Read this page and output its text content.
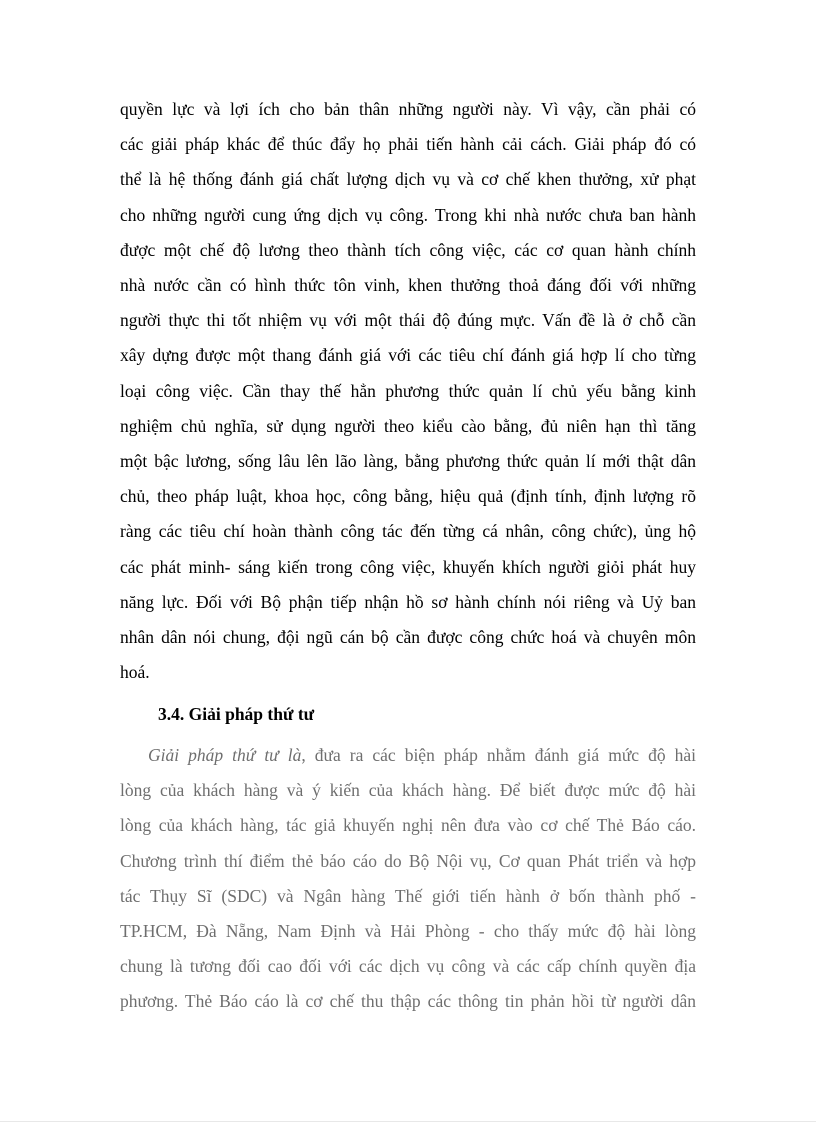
quyền lực và lợi ích cho bản thân những người này. Vì vậy, cần phải có
các giải pháp khác để thúc đẩy họ phải tiến hành cải cách. Giải pháp đó có
thể là hệ thống đánh giá chất lượng dịch vụ và cơ chế khen thưởng, xử phạt
cho những người cung ứng dịch vụ công. Trong khi nhà nước chưa ban hành
được một chế độ lương theo thành tích công việc, các cơ quan hành chính
nhà nước cần có hình thức tôn vinh, khen thưởng thoả đáng đối với những
người thực thi tốt nhiệm vụ với một thái độ đúng mực. Vấn đề là ở chỗ cần
xây dựng được một thang đánh giá với các tiêu chí đánh giá hợp lí cho từng
loại công việc. Cần thay thế hẳn phương thức quản lí chủ yếu bằng kinh
nghiệm chủ nghĩa, sử dụng người theo kiểu cào bằng, đủ niên hạn thì tăng
một bậc lương, sống lâu lên lão làng, bằng phương thức quản lí mới thật dân
chủ, theo pháp luật, khoa học, công bằng, hiệu quả (định tính, định lượng rõ
ràng các tiêu chí hoàn thành công tác đến từng cá nhân, công chức), ủng hộ
các phát minh- sáng kiến trong công việc, khuyến khích người giỏi phát huy
năng lực. Đối với Bộ phận tiếp nhận hồ sơ hành chính nói riêng và Uỷ ban
nhân dân nói chung, đội ngũ cán bộ cần được công chức hoá và chuyên môn
hoá.
3.4. Giải pháp thứ tư
Giải pháp thứ tư là, đưa ra các biện pháp nhằm đánh giá mức độ hài
lòng của khách hàng và ý kiến của khách hàng. Để biết được mức độ hài
lòng của khách hàng, tác giả khuyến nghị nên đưa vào cơ chế Thẻ Báo cáo.
Chương trình thí điểm thẻ báo cáo do Bộ Nội vụ, Cơ quan Phát triển và hợp
tác Thụy Sĩ (SDC) và Ngân hàng Thế giới tiến hành ở bốn thành phố -
TP.HCM, Đà Nẵng, Nam Định và Hải Phòng - cho thấy mức độ hài lòng
chung là tương đối cao đối với các dịch vụ công và các cấp chính quyền địa
phương. Thẻ Báo cáo là cơ chế thu thập các thông tin phản hồi từ người dân
